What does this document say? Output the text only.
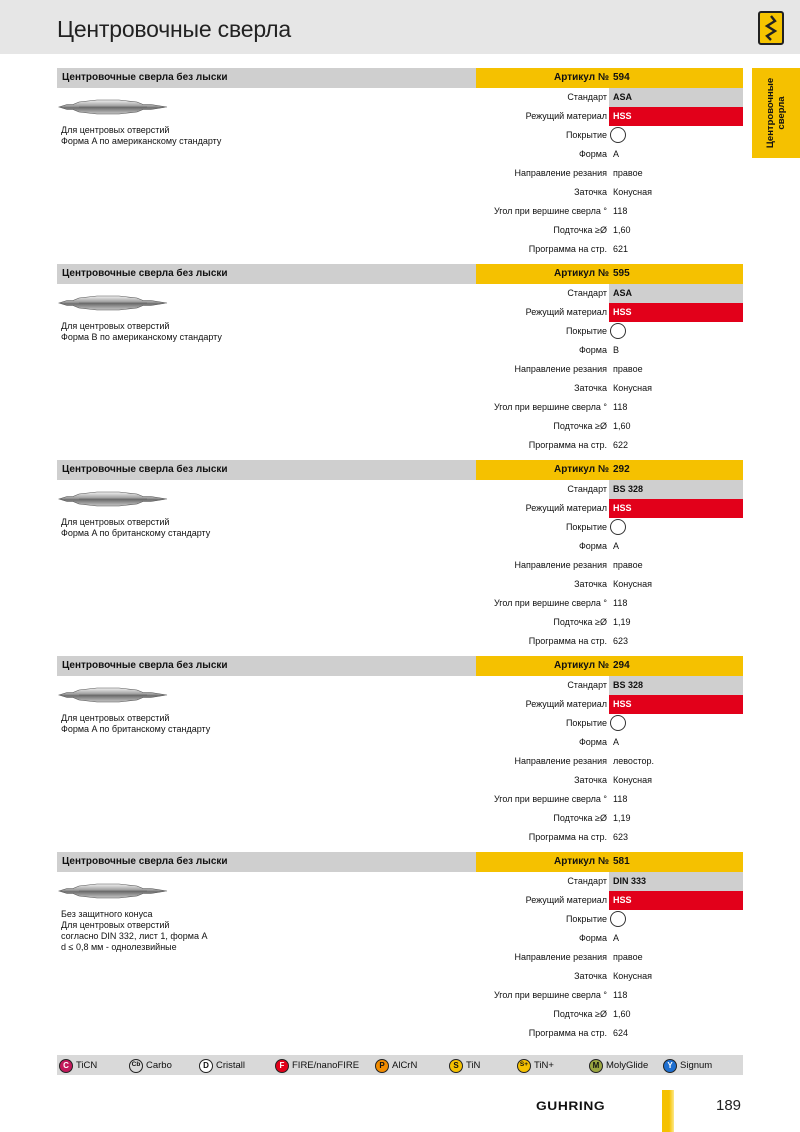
Центровочные сверла
Центровочные сверла
Центровочные сверла без лыски	Артикул № 594
Для центровых отверстий
Форма A по американскому стандарту
Стандарт ASA
Режущий материал HSS
Покрытие
Форма A
Направление резания правое
Заточка Конусная
Угол при вершине сверла ° 118
Подточка ≥Ø 1,60
Программа на стр. 621
Центровочные сверла без лыски	Артикул № 595
Для центровых отверстий
Форма B по американскому стандарту
Стандарт ASA
Режущий материал HSS
Покрытие
Форма B
Направление резания правое
Заточка Конусная
Угол при вершине сверла ° 118
Подточка ≥Ø 1,60
Программа на стр. 622
Центровочные сверла без лыски	Артикул № 292
Для центровых отверстий
Форма A по британскому стандарту
Стандарт BS 328
Режущий материал HSS
Покрытие
Форма A
Направление резания правое
Заточка Конусная
Угол при вершине сверла ° 118
Подточка ≥Ø 1,19
Программа на стр. 623
Центровочные сверла без лыски	Артикул № 294
Для центровых отверстий
Форма A по британскому стандарту
Стандарт BS 328
Режущий материал HSS
Покрытие
Форма A
Направление резания левостор.
Заточка Конусная
Угол при вершине сверла ° 118
Подточка ≥Ø 1,19
Программа на стр. 623
Центровочные сверла без лыски	Артикул № 581
Без защитного конуса
Для центровых отверстий
согласно DIN 332, лист 1, форма A
d ≤ 0,8 мм - однолезвийные
Стандарт DIN 333
Режущий материал HSS
Покрытие
Форма A
Направление резания правое
Заточка Конусная
Угол при вершине сверла ° 118
Подточка ≥Ø 1,60
Программа на стр. 624
C TiCN	Cb Carbo	D Cristall	F FIRE/nanoFIRE	P AlCrN	S TiN	S+ TiN+	M MolyGlide	Y Signum
GUHRING	189
